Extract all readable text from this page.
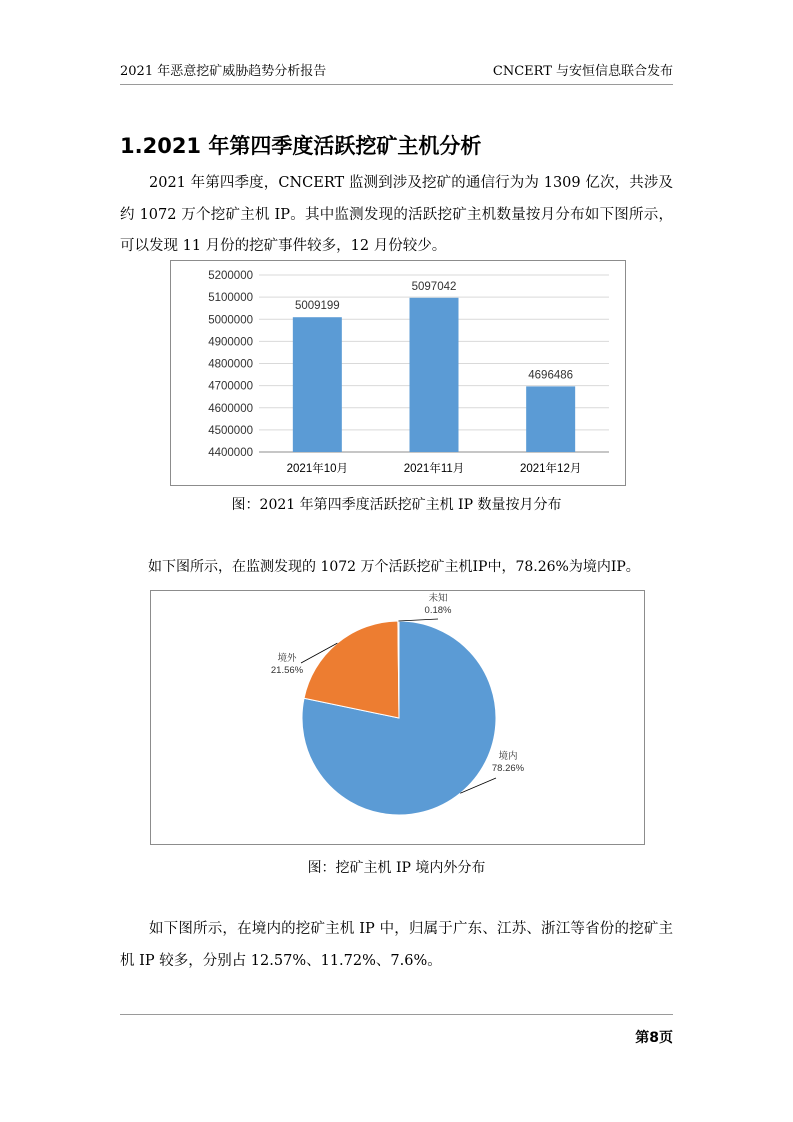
2021 年恶意挖矿威胁趋势分析报告	CNCERT 与安恒信息联合发布
1.2021 年第四季度活跃挖矿主机分析

2021 年第四季度，CNCERT 监测到涉及挖矿的通信行为为 1309 亿次，共涉及约 1072 万个挖矿主机 IP。其中监测发现的活跃挖矿主机数量按月分布如下图所示，可以发现 11 月份的挖矿事件较多，12 月份较少。

4400000
4500000
4600000
4700000
4800000
4900000
5000000
5100000
5200000
5009199
2021年10月
5097042
2021年11月
4696486
2021年12月
图：2021 年第四季度活跃挖矿主机 IP 数量按月分布

如下图所示，在监测发现的 1072 万个活跃挖矿主机IP中，78.26%为境内IP。

境内
78.26%
境外
21.56%
未知
0.18%
图：挖矿主机 IP 境内外分布

如下图所示，在境内的挖矿主机 IP 中，归属于广东、江苏、浙江等省份的挖矿主机 IP 较多，分别占 12.57%、11.72%、7.6%。

第8页
